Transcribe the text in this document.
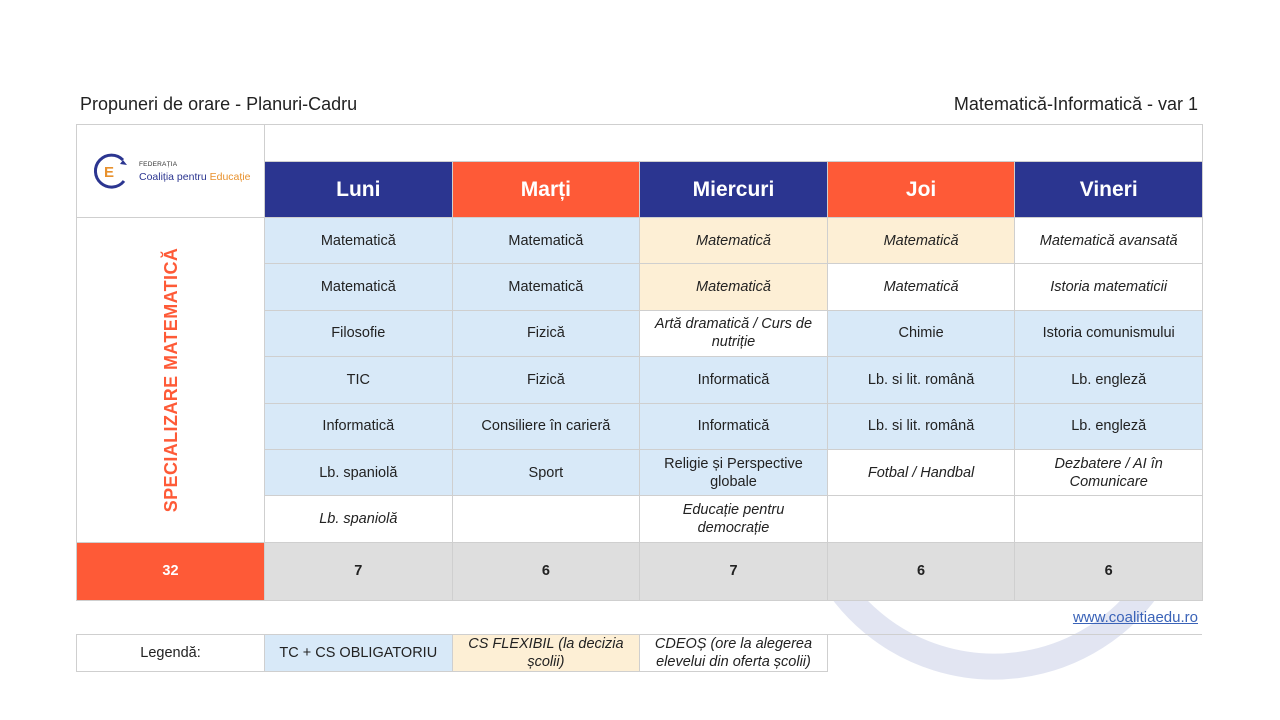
Propuneri de orare - Planuri-Cadru	Matematică-Informatică - var 1
E FEDERAȚIA
Coaliția pentru Educație					

	Luni	Marți	Miercuri	Joi	Vineri

SPECIALIZARE MATEMATICĂ	Matematică	Matematică	Matematică	Matematică	Matematică avansată
	Matematică	Matematică	Matematică	Matematică	Istoria matematicii
	Filosofie	Fizică	Artă dramatică / Curs de nutriție	Chimie	Istoria comunismului
	TIC	Fizică	Informatică	Lb. si lit. română	Lb. engleză
	Informatică	Consiliere în carieră	Informatică	Lb. si lit. română	Lb. engleză
	Lb. spaniolă	Sport	Religie și Perspective globale	Fotbal / Handbal	Dezbatere / AI în Comunicare
	Lb. spaniolă		Educație pentru democrație		
32	7	6	7	6	6
www.coalitiaedu.ro
Legendă:	TC + CS OBLIGATORIU	CS FLEXIBIL (la decizia școlii)	CDEOȘ (ore la alegerea elevelui din oferta școlii)
